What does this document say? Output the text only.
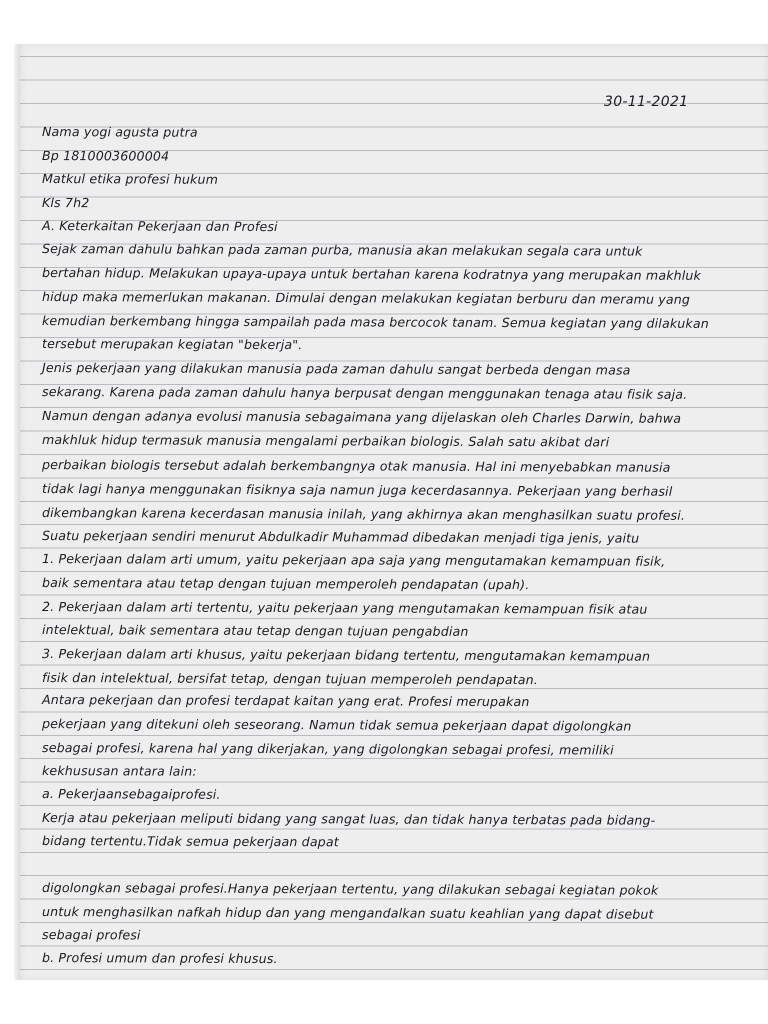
30-11-2021
Nama yogi agusta putra
Bp 1810003600004
Matkul etika profesi hukum
Kls 7h2
A. Keterkaitan Pekerjaan dan Profesi
Sejak zaman dahulu bahkan pada zaman purba, manusia akan melakukan segala cara untuk
bertahan hidup. Melakukan upaya-upaya untuk bertahan karena kodratnya yang merupakan makhluk
hidup maka memerlukan makanan. Dimulai dengan melakukan kegiatan berburu dan meramu yang
kemudian berkembang hingga sampailah pada masa bercocok tanam. Semua kegiatan yang dilakukan
tersebut merupakan kegiatan "bekerja".
Jenis pekerjaan yang dilakukan manusia pada zaman dahulu sangat berbeda dengan masa
sekarang. Karena pada zaman dahulu hanya berpusat dengan menggunakan tenaga atau fisik saja.
Namun dengan adanya evolusi manusia sebagaimana yang dijelaskan oleh Charles Darwin, bahwa
makhluk hidup termasuk manusia mengalami perbaikan biologis. Salah satu akibat dari
perbaikan biologis tersebut adalah berkembangnya otak manusia. Hal ini menyebabkan manusia
tidak lagi hanya menggunakan fisiknya saja namun juga kecerdasannya. Pekerjaan yang berhasil
dikembangkan karena kecerdasan manusia inilah, yang akhirnya akan menghasilkan suatu profesi.
Suatu pekerjaan sendiri menurut Abdulkadir Muhammad dibedakan menjadi tiga jenis, yaitu
1. Pekerjaan dalam arti umum, yaitu pekerjaan apa saja yang mengutamakan kemampuan fisik,
baik sementara atau tetap dengan tujuan memperoleh pendapatan (upah).
2. Pekerjaan dalam arti tertentu, yaitu pekerjaan yang mengutamakan kemampuan fisik atau
intelektual, baik sementara atau tetap dengan tujuan pengabdian
3. Pekerjaan dalam arti khusus, yaitu pekerjaan bidang tertentu, mengutamakan kemampuan
fisik dan intelektual, bersifat tetap, dengan tujuan memperoleh pendapatan.
Antara pekerjaan dan profesi terdapat kaitan yang erat. Profesi merupakan
pekerjaan yang ditekuni oleh seseorang. Namun tidak semua pekerjaan dapat digolongkan
sebagai profesi, karena hal yang dikerjakan, yang digolongkan sebagai profesi, memiliki
kekhususan antara lain:
a. Pekerjaansebagaiprofesi.
Kerja atau pekerjaan meliputi bidang yang sangat luas, dan tidak hanya terbatas pada bidang-
bidang tertentu.Tidak semua pekerjaan dapat
digolongkan sebagai profesi.Hanya pekerjaan tertentu, yang dilakukan sebagai kegiatan pokok
untuk menghasilkan nafkah hidup dan yang mengandalkan suatu keahlian yang dapat disebut
sebagai profesi
b. Profesi umum dan profesi khusus.
